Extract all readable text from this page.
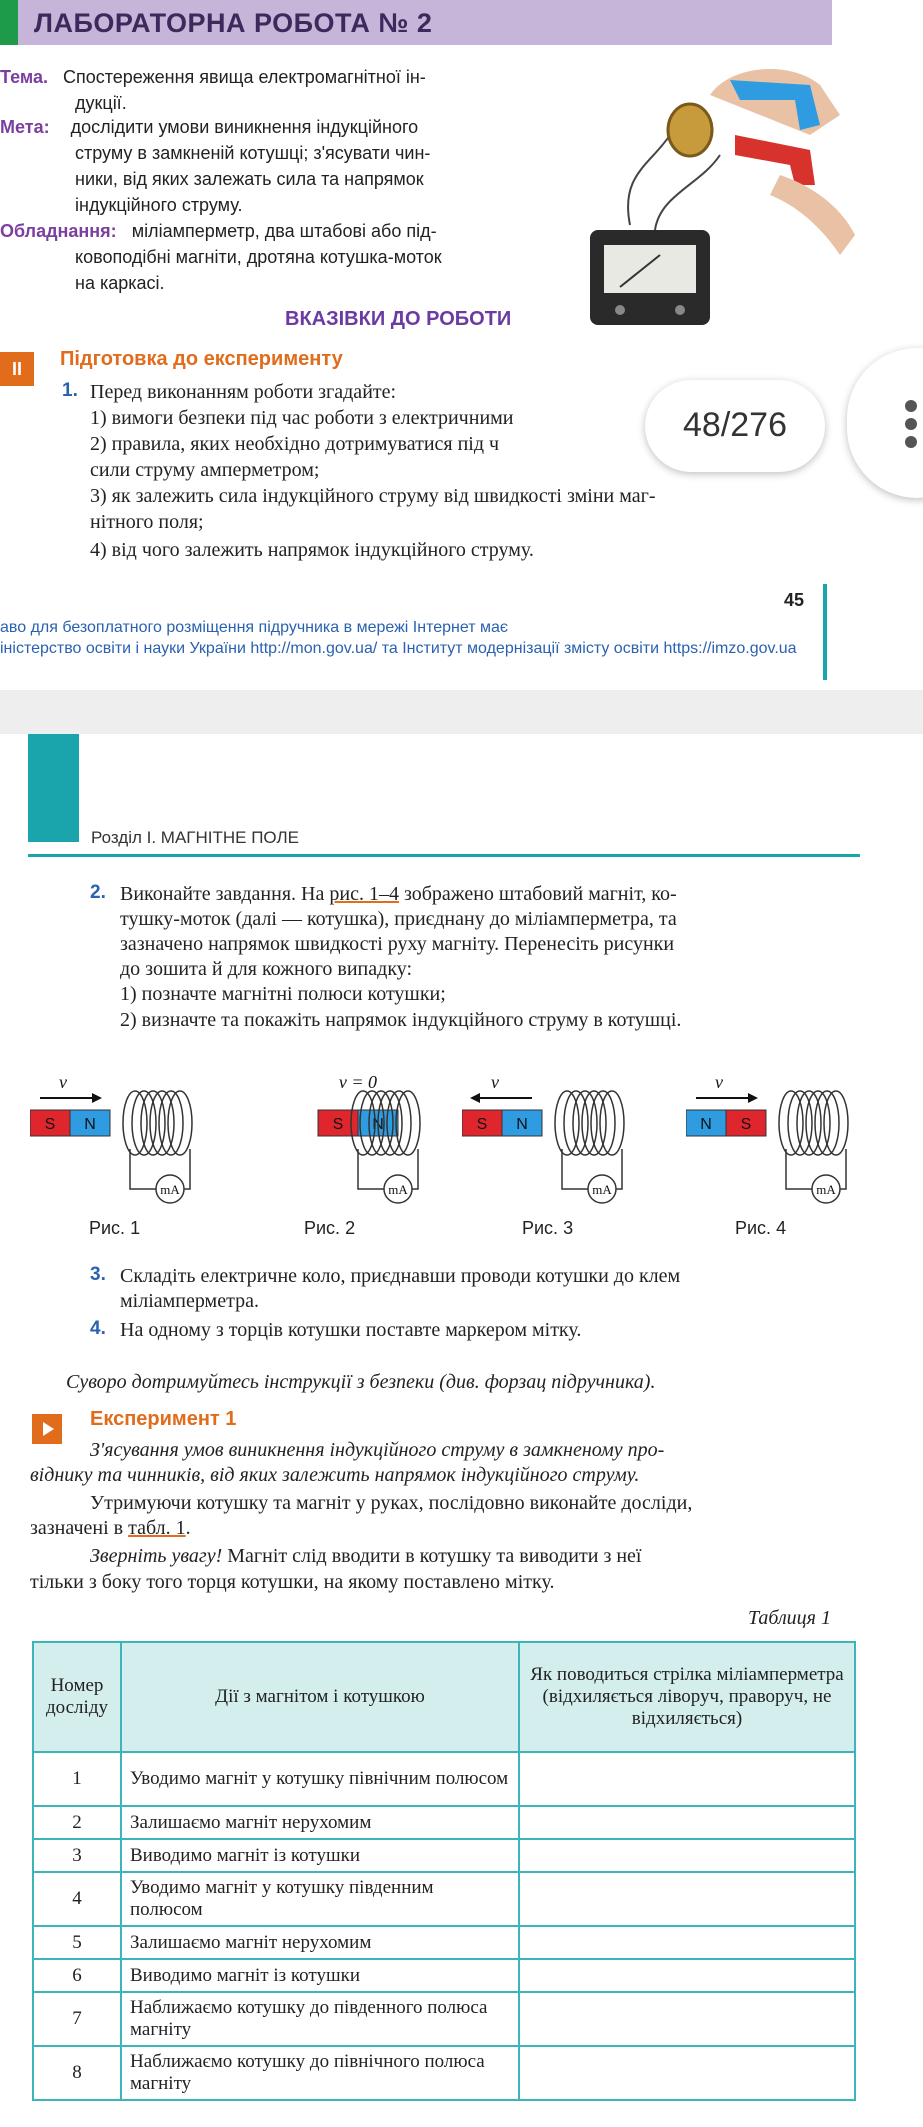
ЛАБОРАТОРНА РОБОТА № 2
Тема. Спостереження явища електромагнітної ін-
дукції.
Мета: дослідити умови виникнення індукційного
струму в замкненій котушці; з'ясувати чин-
ники, від яких залежать сила та напрямок
індукційного струму.
Обладнання: міліамперметр, два штабові або під-
ковоподібні магніти, дротяна котушка-моток
на каркасі.
ВКАЗІВКИ ДО РОБОТИ
II	Підготовка до експерименту
1. Перед виконанням роботи згадайте:
1) вимоги безпеки під час роботи з електричними
2) правила, яких необхідно дотримуватися під ч
сили струму амперметром;
3) як залежить сила індукційного струму від швидкості зміни маг-
нітного поля;
4) від чого залежить напрямок індукційного струму.
45
аво для безоплатного розміщення підручника в мережі Інтернет має
іністерство освіти і науки України http://mon.gov.ua/ та Інститут модернізації змісту освіти https://imzo.gov.ua
48/276
Розділ І. МАГНІТНЕ ПОЛЕ
2. Виконайте завдання. На рис. 1–4 зображено штабовий магніт, ко-
тушку-моток (далі — котушка), приєднану до міліамперметра, та
зазначено напрямок швидкості руху магніту. Перенесіть рисунки
до зошита й для кожного випадку:
1) позначте магнітні полюси котушки;
2) визначте та покажіть напрямок індукційного струму в котушці.
S N
v⃗
mA
Рис. 1
S N
v = 0
mA
Рис. 2
S N
v⃗
mA
Рис. 3
N S
v⃗
mA
Рис. 4
3. Складіть електричне коло, приєднавши проводи котушки до клем
міліамперметра.
4. На одному з торців котушки поставте маркером мітку.
Суворо дотримуйтесь інструкції з безпеки (див. форзац підручника).
Експеримент 1
З'ясування умов виникнення індукційного струму в замкненому про-
віднику та чинників, від яких залежить напрямок індукційного струму.
Утримуючи котушку та магніт у руках, послідовно виконайте досліди,
зазначені в табл. 1.
Зверніть увагу! Магніт слід вводити в котушку та виводити з неї
тільки з боку того торця котушки, на якому поставлено мітку.
Таблиця 1
Номер досліду	Дії з магнітом і котушкою	Як поводиться стрілка міліамперметра (відхиляється ліворуч, праворуч, не відхиляється)
1	Уводимо магніт у котушку північним полюсом	
2	Залишаємо магніт нерухомим	
3	Виводимо магніт із котушки	
4	Уводимо магніт у котушку південним полюсом	
5	Залишаємо магніт нерухомим	
6	Виводимо магніт із котушки	
7	Наближаємо котушку до південного полюса магніту	
8	Наближаємо котушку до північного полюса магніту	
